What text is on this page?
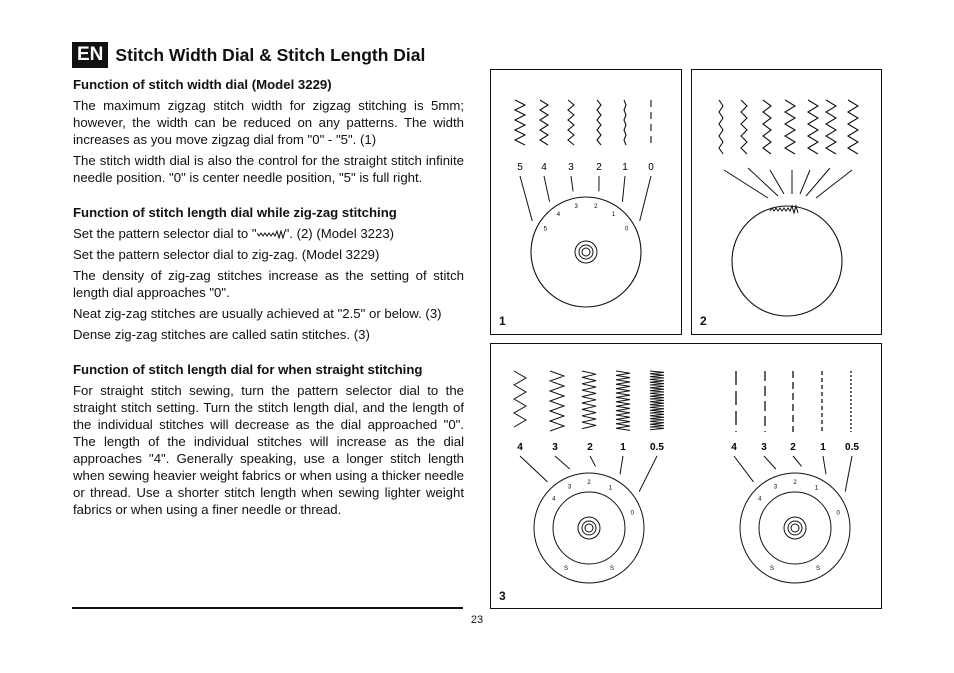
EN Stitch Width Dial & Stitch Length Dial
Function of stitch width dial (Model 3229)

The maximum zigzag stitch width for zigzag stitching is 5mm; however, the width can be reduced on any patterns. The width increases as you move zigzag dial from "0" - "5". (1)

The stitch width dial is also the control for the straight stitch infinite needle position. "0" is center needle position, "5" is full right.

Function of stitch length dial while zig-zag stitching

Set the pattern selector dial to " ". (2) (Model 3223)

Set the pattern selector dial to zig-zag. (Model 3229)

The density of zig-zag stitches increase as the setting of stitch length dial approaches "0".

Neat zig-zag stitches are usually achieved at "2.5" or below. (3)

Dense zig-zag stitches are called satin stitches. (3)

Function of stitch length dial for when straight stitching

For straight stitch sewing, turn the pattern selector dial to the straight stitch setting. Turn the stitch length dial, and the length of the individual stitches will decrease as the dial approached "0". The length of the individual stitches will increase as the dial approaches "4". Generally speaking, use a longer stitch length when sewing heavier weight fabrics or when using a thicker needle or thread. Use a shorter stitch length when sewing lighter weight fabrics or when using a finer needle or thread.

23
5 4 3 2 1 0
5
4
3	2
1
0
1	2
4	3	2	1 0.5	4 3 2 1 0.5
4
3
2
1
0
S
S
4
3
2
1
0
S
S
3
